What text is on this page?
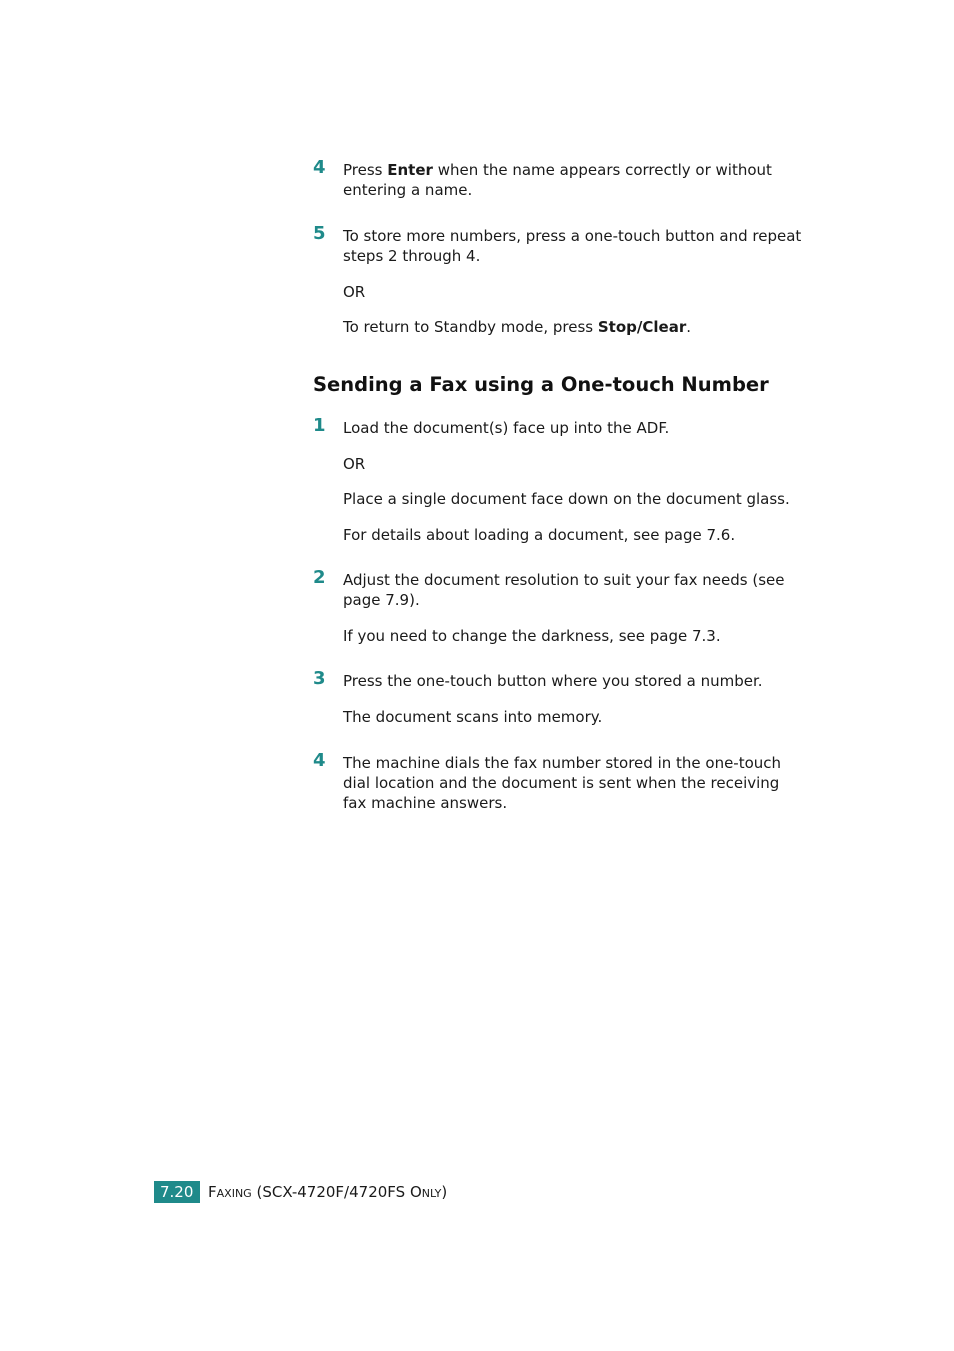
4 Press Enter when the name appears correctly or without entering a name.
5 To store more numbers, press a one-touch button and repeat steps 2 through 4.
OR
To return to Standby mode, press Stop/Clear.
Sending a Fax using a One-touch Number
1 Load the document(s) face up into the ADF.
OR
Place a single document face down on the document glass.
For details about loading a document, see page 7.6.
2 Adjust the document resolution to suit your fax needs (see page 7.9).
If you need to change the darkness, see page 7.3.
3 Press the one-touch button where you stored a number.
The document scans into memory.
4 The machine dials the fax number stored in the one-touch dial location and the document is sent when the receiving fax machine answers.
7.20 FAXING (SCX-4720F/4720FS ONLY)
